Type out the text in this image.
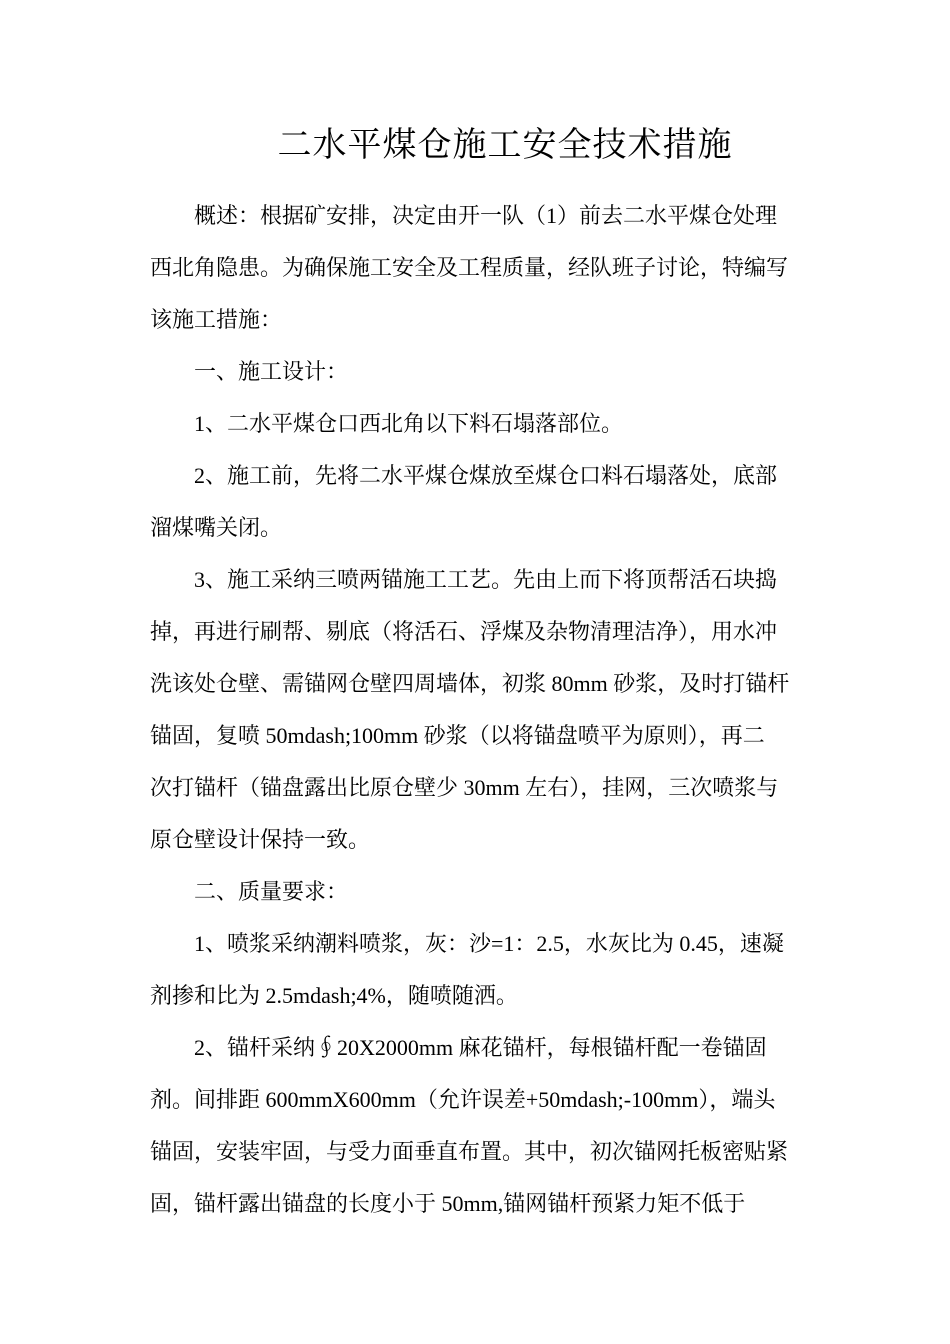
二水平煤仓施工安全技术措施

概述：根据矿安排，决定由开一队（1）前去二水平煤仓处理
西北角隐患。为确保施工安全及工程质量，经队班子讨论，特编写
该施工措施：

一、施工设计：

1、二水平煤仓口西北角以下料石塌落部位。

2、施工前，先将二水平煤仓煤放至煤仓口料石塌落处，底部
溜煤嘴关闭。

3、施工采纳三喷两锚施工工艺。先由上而下将顶帮活石块捣
掉，再进行刷帮、剔底（将活石、浮煤及杂物清理洁净），用水冲
洗该处仓壁、需锚网仓壁四周墙体，初浆 80mm 砂浆，及时打锚杆
锚固，复喷 50mdash;100mm 砂浆（以将锚盘喷平为原则），再二
次打锚杆（锚盘露出比原仓壁少 30mm 左右），挂网，三次喷浆与
原仓壁设计保持一致。

二、质量要求：

1、喷浆采纳潮料喷浆，灰：沙=1：2.5，水灰比为 0.45，速凝
剂掺和比为 2.5mdash;4%，随喷随洒。

2、锚杆采纳∮20X2000mm 麻花锚杆，每根锚杆配一卷锚固
剂。间排距 600mmX600mm（允许误差+50mdash;-100mm），端头
锚固，安装牢固，与受力面垂直布置。其中，初次锚网托板密贴紧
固，锚杆露出锚盘的长度小于 50mm,锚网锚杆预紧力矩不低于
